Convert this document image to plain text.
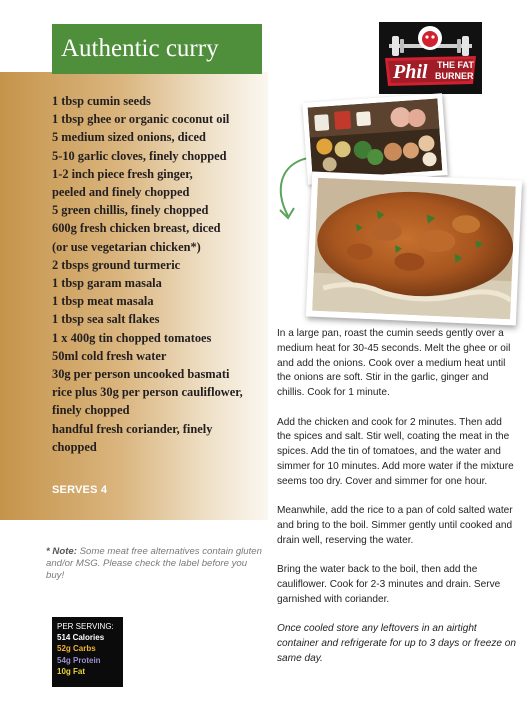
Authentic curry
1 tbsp cumin seeds
1 tbsp ghee or organic coconut oil
5 medium sized onions, diced
5-10 garlic cloves, finely chopped
1-2 inch piece fresh ginger,
peeled and finely chopped
5 green chillis, finely chopped
600g fresh chicken breast, diced
(or use vegetarian chicken*)
2 tbsps ground turmeric
1 tbsp garam masala
1 tbsp meat masala
1 tbsp sea salt flakes
1 x 400g tin chopped tomatoes
50ml cold fresh water
30g per person uncooked basmati
rice plus 30g per person cauliflower,
finely chopped
handful fresh coriander, finely
chopped
SERVES 4
* Note: Some meat free alternatives contain gluten and/or MSG. Please check the label before you buy!
PER SERVING:
514 Calories
52g Carbs
54g Protein
10g Fat
Phil THE FAT
BURNER

In a large pan, roast the cumin seeds gently over a medium heat for 30-45 seconds. Melt the ghee or oil and add the onions. Cook over a medium heat until the onions are soft. Stir in the garlic, ginger and chillis. Cook for 1 minute.

Add the chicken and cook for 2 minutes. Then add the spices and salt. Stir well, coating the meat in the spices. Add the tin of tomatoes, and the water and simmer for 10 minutes. Add more water if the mixture seems too dry. Cover and simmer for one hour.

Meanwhile, add the rice to a pan of cold salted water and bring to the boil. Simmer gently until cooked and drain well, reserving the water.

Bring the water back to the boil, then add the cauliflower. Cook for 2-3 minutes and drain. Serve garnished with coriander.

Once cooled store any leftovers in an airtight container and refrigerate for up to 3 days or freeze on same day.
